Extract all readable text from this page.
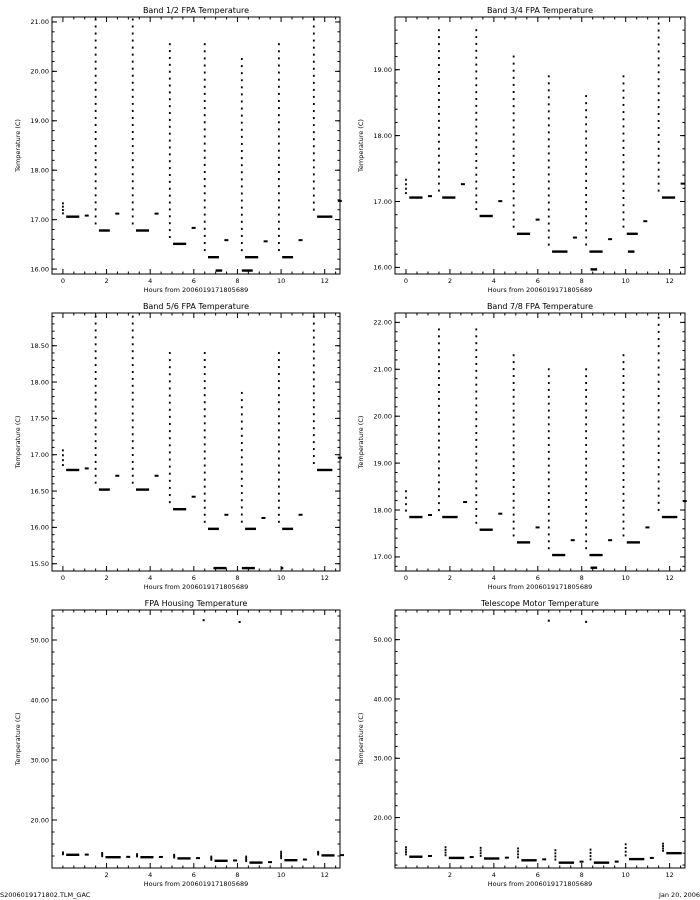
Band 1/2 FPA Temperature
0	2	4	6	8	10	12
16.00
17.00
18.00
19.00
20.00
21.00
Hours from 2006019171805689
Temperature (C)
Band 3/4 FPA Temperature
0	2	4	6	8	10	12
16.00
17.00
18.00
19.00
Hours from 2006019171805689
Temperature (C)
Band 5/6 FPA Temperature
0	2	4	6	8	10	12
15.50
16.00
16.50
17.00
17.50
18.00
18.50
Hours from 2006019171805689
Temperature (C)
Band 7/8 FPA Temperature
0	2	4	6	8	10	12
17.00
18.00
19.00
20.00
21.00
22.00
Hours from 2006019171805689
Temperature (C)
FPA Housing Temperature
2	4	6	8	10	12
20.00
30.00
40.00
50.00
Hours from 2006019171805689
Temperature (C)
Telescope Motor Temperature
2	4	6	8	10	12
20.00
30.00
40.00
50.00
Hours from 2006019171805689
Temperature (C)
S2006019171802.TLM_GAC	Jan 20, 2006
